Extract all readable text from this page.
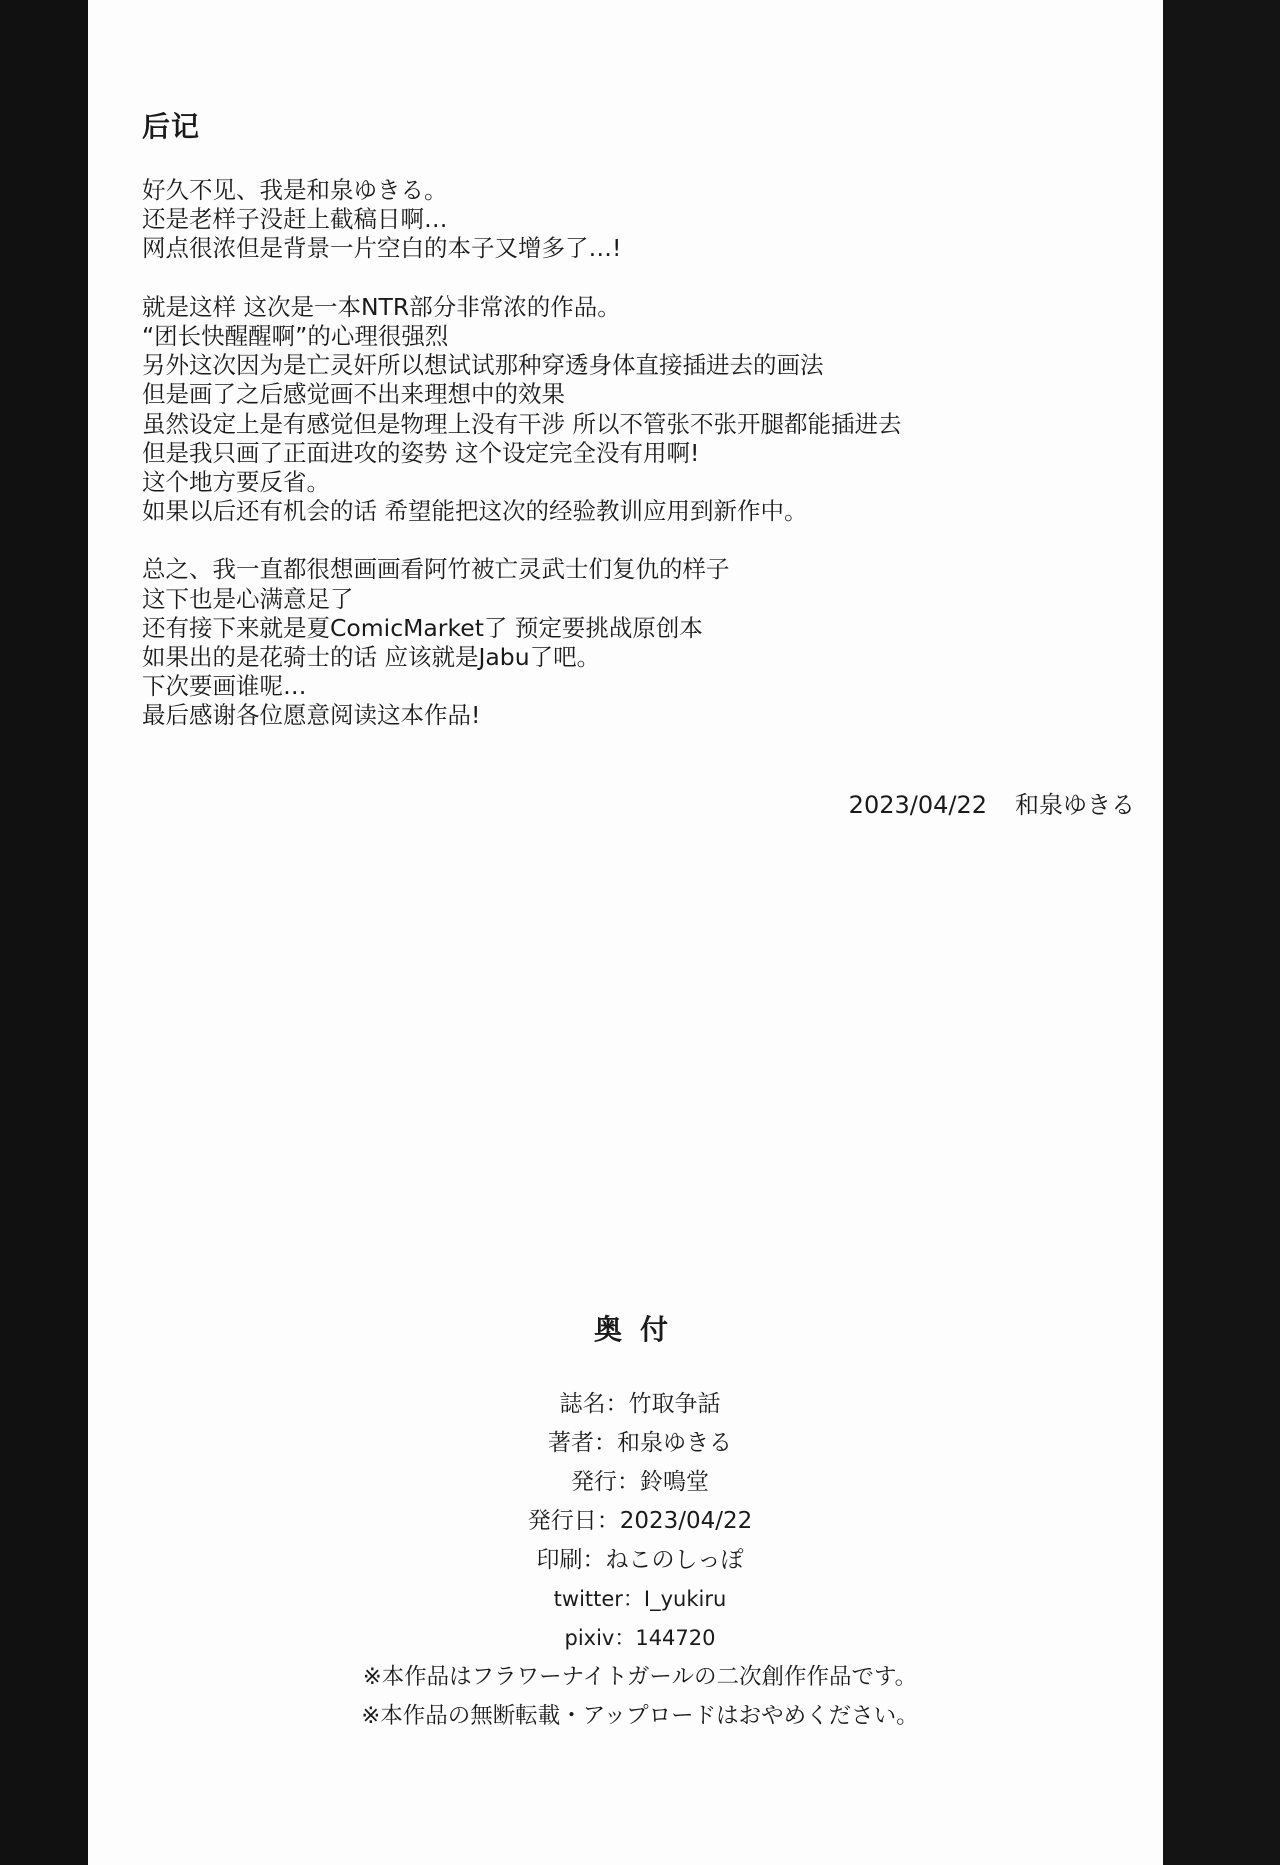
后记
好久不见、我是和泉ゆきる。
还是老样子没赶上截稿日啊…
网点很浓但是背景一片空白的本子又增多了…!
就是这样 这次是一本NTR部分非常浓的作品。
“团长快醒醒啊”的心理很强烈
另外这次因为是亡灵奸所以想试试那种穿透身体直接插进去的画法
但是画了之后感觉画不出来理想中的效果
虽然设定上是有感觉但是物理上没有干涉 所以不管张不张开腿都能插进去
但是我只画了正面进攻的姿势 这个设定完全没有用啊!
这个地方要反省。
如果以后还有机会的话 希望能把这次的经验教训应用到新作中。
总之、我一直都很想画画看阿竹被亡灵武士们复仇的样子
这下也是心满意足了
还有接下来就是夏ComicMarket了 预定要挑战原创本
如果出的是花骑士的话 应该就是Jabu了吧。
下次要画谁呢…
最后感谢各位愿意阅读这本作品!
2023/04/22 和泉ゆきる
奥付
誌名：竹取争話
著者：和泉ゆきる
発行：鈴鳴堂
発行日：2023/04/22
印刷：ねこのしっぽ
twitter：I_yukiru
pixiv：144720
※本作品はフラワーナイトガールの二次創作作品です。
※本作品の無断転載・アップロードはおやめください。
